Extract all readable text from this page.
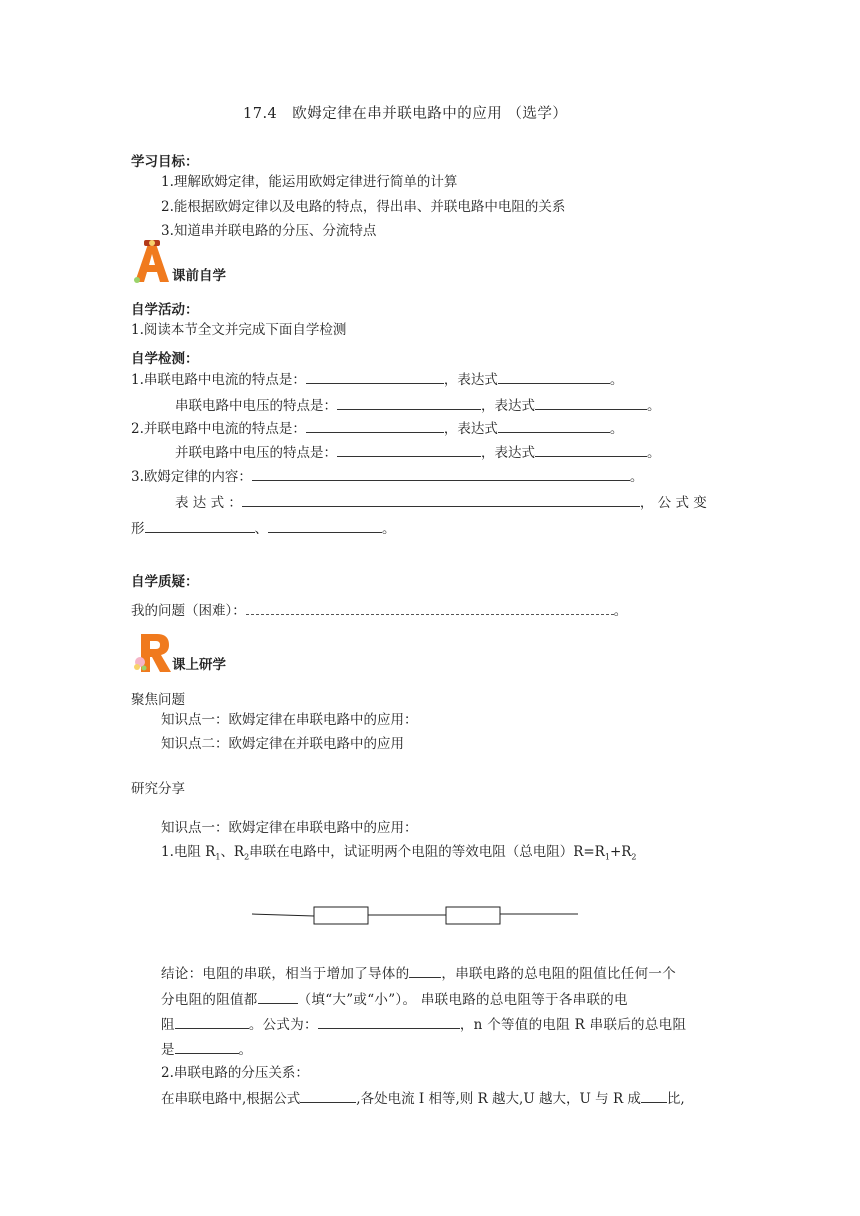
17.4　欧姆定律在串并联电路中的应用 （选学）
学习目标：
1.理解欧姆定律，能运用欧姆定律进行简单的计算
2.能根据欧姆定律以及电路的特点，得出串、并联电路中电阻的关系
3.知道串并联电路的分压、分流特点
课前自学
自学活动：
1.阅读本节全文并完成下面自学检测
自学检测：
1.串联电路中电流的特点是：	，表达式	。
串联电路中电压的特点是：	，表达式	。
2.并联电路中电流的特点是：	，表达式	。
并联电路中电压的特点是：	，表达式	。
3.欧姆定律的内容：	。
表 达 式 ：	， 公 式 变
形	、	。
自学质疑：
我的问题（困难）：	。
课上研学
聚焦问题
知识点一：欧姆定律在串联电路中的应用：
知识点二：欧姆定律在并联电路中的应用
研究分享
知识点一：欧姆定律在串联电路中的应用：
1.电阻 $R_1$、$R_2$串联在电路中，试证明两个电阻的等效电阻（总电阻）$R=R_1+R_2$
结论：电阻的串联，相当于增加了导体的 ，串联电路的总电阻的阻值比任何一个
分电阻的阻值都	（填“大”或“小”）。 串联电路的总电阻等于各串联的电
阻	。公式为：	，n 个等值的电阻 R 串联后的总电阻
是	。
2.串联电路的分压关系：
在串联电路中,根据公式	,各处电流 I 相等,则 R 越大,U 越大，U 与 R 成 比,
